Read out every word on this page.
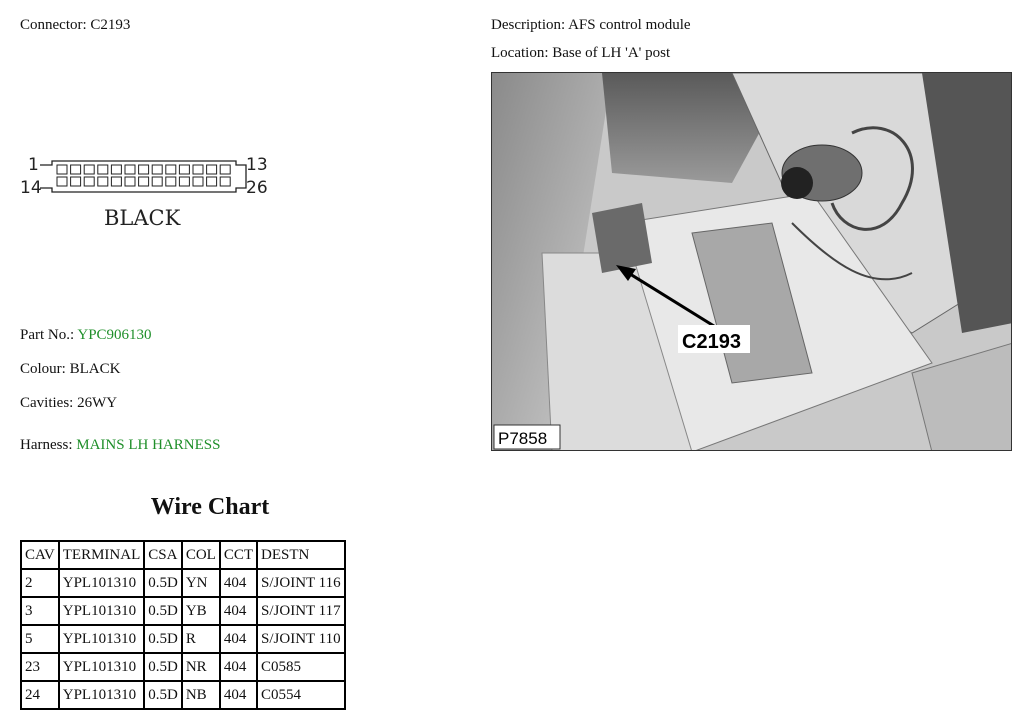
Connector: C2193	Description: AFS control module
Location: Base of LH 'A' post
1
14
13
26
BLACK
Part No.: YPC906130
Colour: BLACK
Cavities: 26WY
Harness: MAINS LH HARNESS
C2193
P7858
Wire Chart
CAV	TERMINAL	CSA	COL	CCT	DESTN
2	YPL101310	0.5D	YN	404	S/JOINT 116
3	YPL101310	0.5D	YB	404	S/JOINT 117
5	YPL101310	0.5D	R	404	S/JOINT 110
23	YPL101310	0.5D	NR	404	C0585
24	YPL101310	0.5D	NB	404	C0554
